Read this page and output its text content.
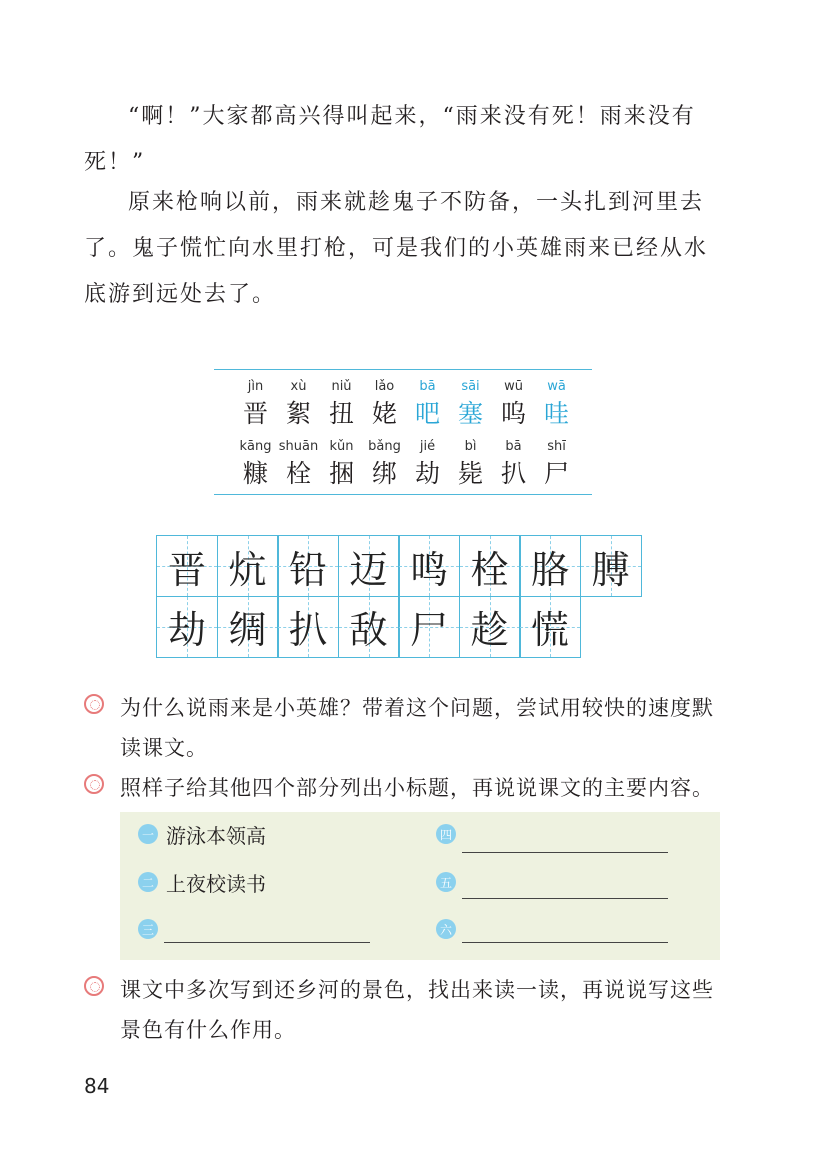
“啊！”大家都高兴得叫起来，“雨来没有死！雨来没有死！”

原来枪响以前，雨来就趁鬼子不防备，一头扎到河里去了。鬼子慌忙向水里打枪，可是我们的小英雄雨来已经从水底游到远处去了。

jìn	xù	niǔ	lǎo	bā	sāi	wū	wā
晋 絮 扭 姥 吧 塞 呜 哇
kāng shuān kǔn	bǎng	jié	bì	bā	shī
糠 栓 捆 绑 劫 毙 扒 尸
晋 炕 铅 迈 鸣 栓 胳 膊
劫 绸 扒 敌 尸 趁 慌
为什么说雨来是小英雄？带着这个问题，尝试用较快的速度默读课文。
照样子给其他四个部分列出小标题，再说说课文的主要内容。
一 游泳本领高
二 上夜校读书
三
四
五
六
课文中多次写到还乡河的景色，找出来读一读，再说说写这些景色有什么作用。
84
